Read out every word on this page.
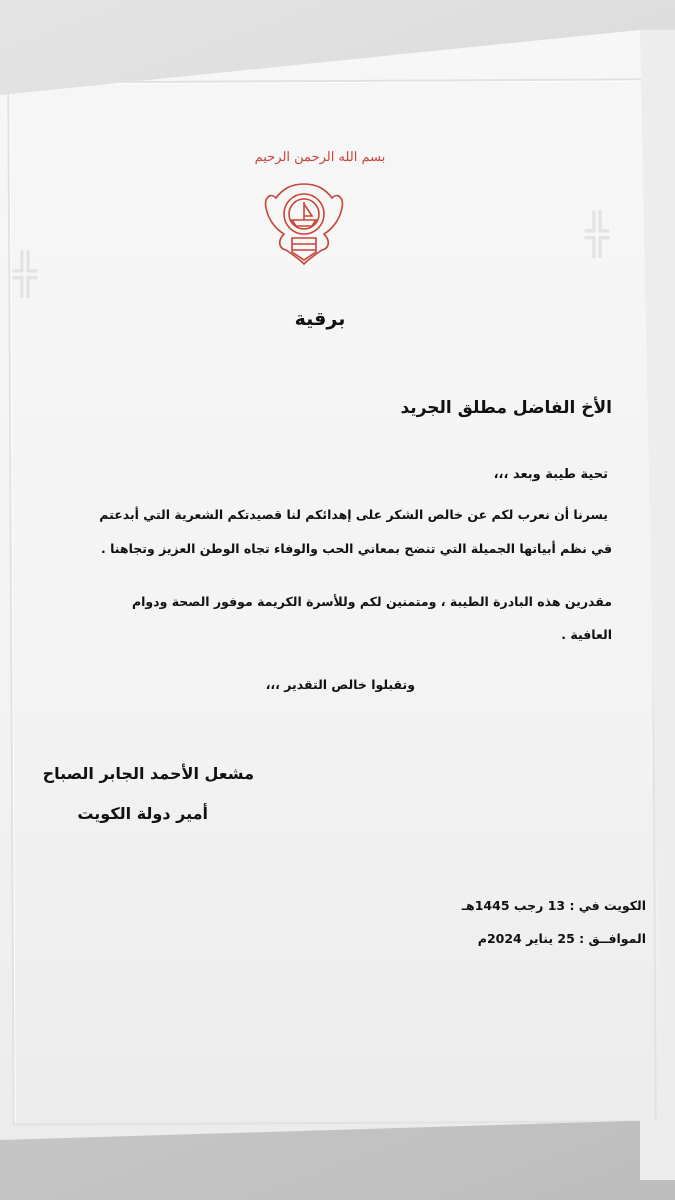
╬
╬
بسم الله الرحمن الرحيم
برقية
الأخ الفاضل مطلق الجريد
تحية طيبة وبعد ،،،
يسرنا أن نعرب لكم عن خالص الشكر على إهدائكم لنا قصيدتكم الشعرية التي أبدعتم
في نظم أبياتها الجميلة التي تنضح بمعاني الحب والوفاء تجاه الوطن العزيز وتجاهنا .
مقدرين هذه البادرة الطيبة ، ومتمنين لكم وللأسرة الكريمة موفور الصحة ودوام
العافية .
وتقبلوا خالص التقدير ،،،
مشعل الأحمد الجابر الصباح
أمير دولة الكويت
الكويت في : 13 رجب 1445هـ
الموافــق : 25 يناير 2024م
